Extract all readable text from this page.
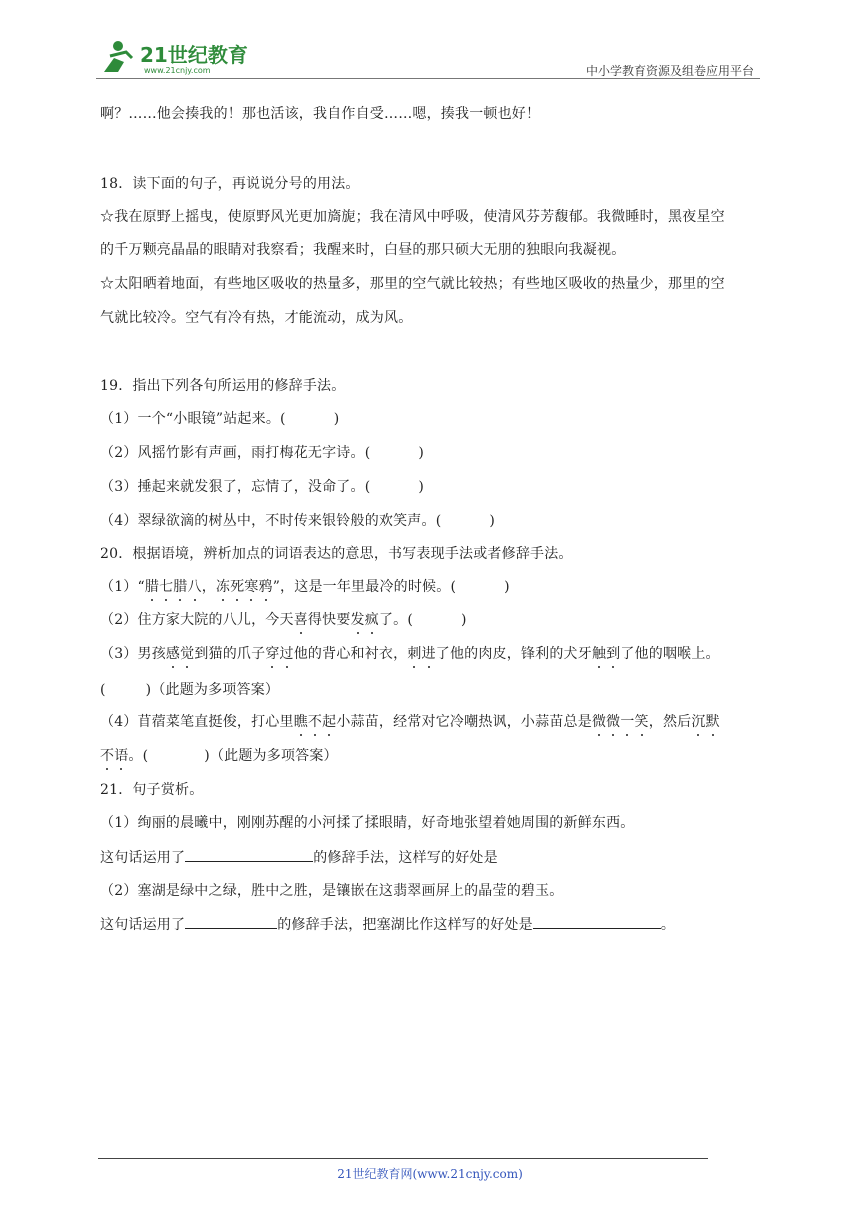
21世纪教育
www.21cnjy.com	中小学教育资源及组卷应用平台
啊？……他会揍我的！那也活该，我自作自受……嗯，揍我一顿也好！
18．读下面的句子，再说说分号的用法。
☆我在原野上摇曳，使原野风光更加旖旎；我在清风中呼吸，使清风芬芳馥郁。我微睡时，黑夜星空
的千万颗亮晶晶的眼睛对我察看；我醒来时，白昼的那只硕大无朋的独眼向我凝视。
☆太阳晒着地面，有些地区吸收的热量多，那里的空气就比较热；有些地区吸收的热量少，那里的空
气就比较冷。空气有冷有热，才能流动，成为风。
19．指出下列各句所运用的修辞手法。
（1）一个“小眼镜”站起来。(	)
（2）风摇竹影有声画，雨打梅花无字诗。(	)
（3）捶起来就发狠了，忘情了，没命了。(	)
（4）翠绿欲滴的树丛中，不时传来银铃般的欢笑声。(	)
20．根据语境，辨析加点的词语表达的意思，书写表现手法或者修辞手法。
（1）“腊七腊八，冻死寒鸦”，这是一年里最冷的时候。(	)
（2）住方家大院的八儿，今天喜得快要发疯了。(	)
（3）男孩感觉到猫的爪子穿过他的背心和衬衣，刺进了他的肉皮，锋利的犬牙触到了他的咽喉上。
(	)（此题为多项答案）
（4）苜蓿菜笔直挺俊，打心里瞧不起小蒜苗，经常对它冷嘲热讽，小蒜苗总是微微一笑，然后沉默
不语。(	)（此题为多项答案）
21．句子赏析。
（1）绚丽的晨曦中，刚刚苏醒的小河揉了揉眼睛，好奇地张望着她周围的新鲜东西。
这句话运用了	的修辞手法，这样写的好处是
（2）塞湖是绿中之绿，胜中之胜，是镶嵌在这翡翠画屏上的晶莹的碧玉。
这句话运用了	的修辞手法，把塞湖比作这样写的好处是	。
21世纪教育网(www.21cnjy.com)
